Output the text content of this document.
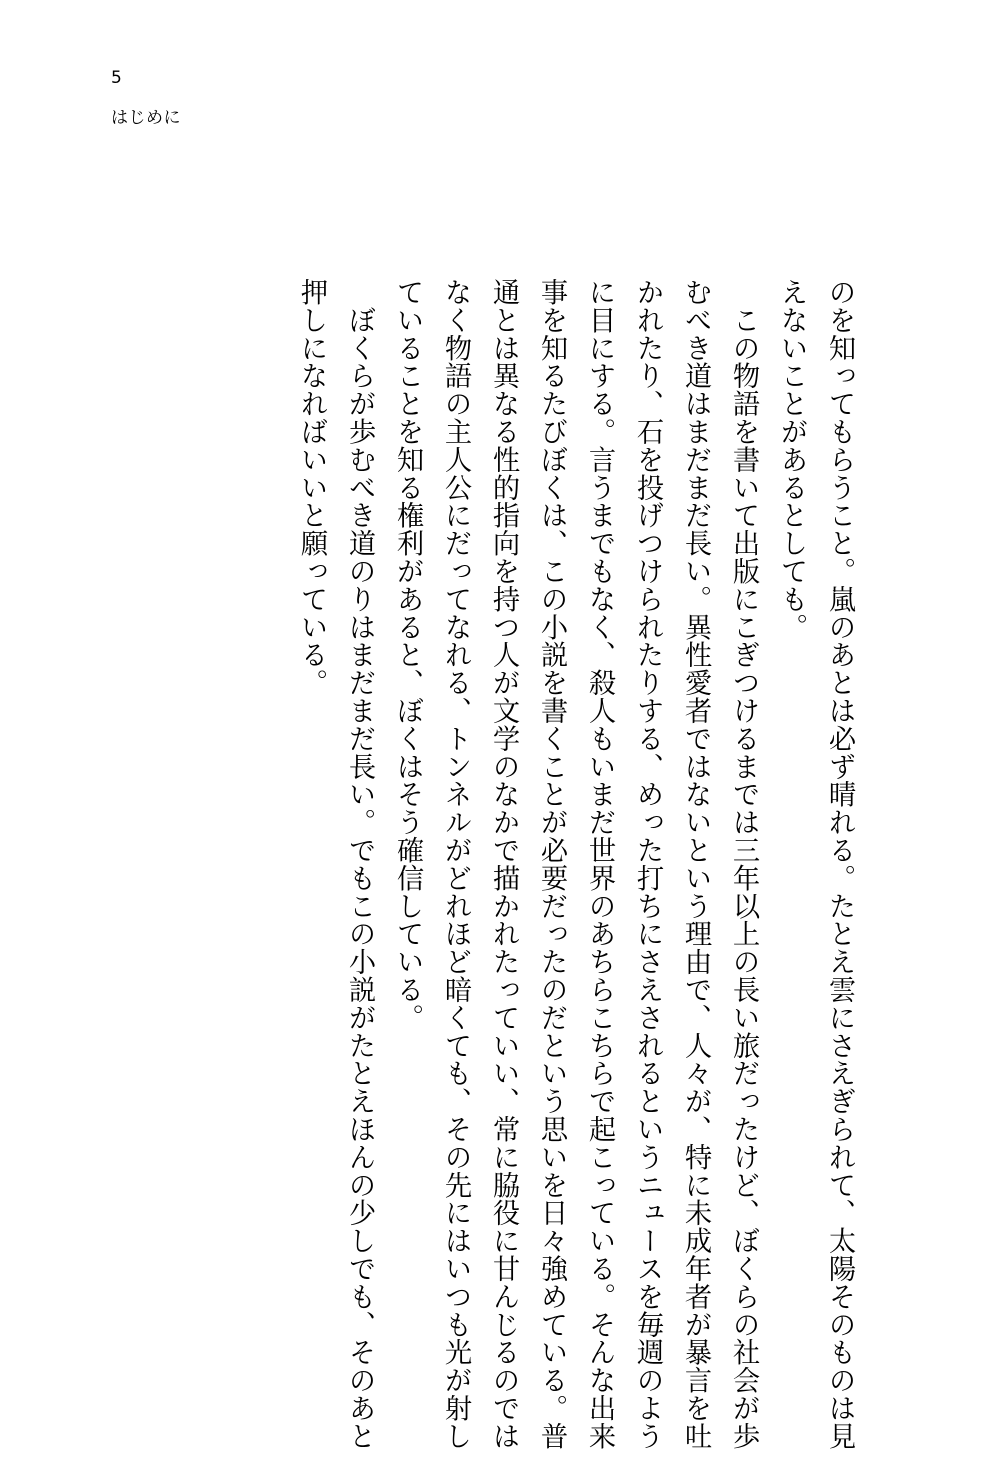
5
はじめに
のを知ってもらうこと。嵐のあとは必ず晴れる。たとえ雲にさえぎられて、太陽そのものは見
えないことがあるとしても。
　この物語を書いて出版にこぎつけるまでは三年以上の長い旅だったけど、ぼくらの社会が歩
むべき道はまだまだ長い。異性愛者ではないという理由で、人々が、特に未成年者が暴言を吐
かれたり、石を投げつけられたりする、めった打ちにさえされるというニュースを毎週のよう
に目にする。言うまでもなく、殺人もいまだ世界のあちらこちらで起こっている。そんな出来
事を知るたびぼくは、この小説を書くことが必要だったのだという思いを日々強めている。普
通とは異なる性的指向を持つ人が文学のなかで描かれたっていい、常に脇役に甘んじるのでは
なく物語の主人公にだってなれる、トンネルがどれほど暗くても、その先にはいつも光が射し
ていることを知る権利があると、ぼくはそう確信している。
　ぼくらが歩むべき道のりはまだまだ長い。でもこの小説がたとえほんの少しでも、そのあと
押しになればいいと願っている。
